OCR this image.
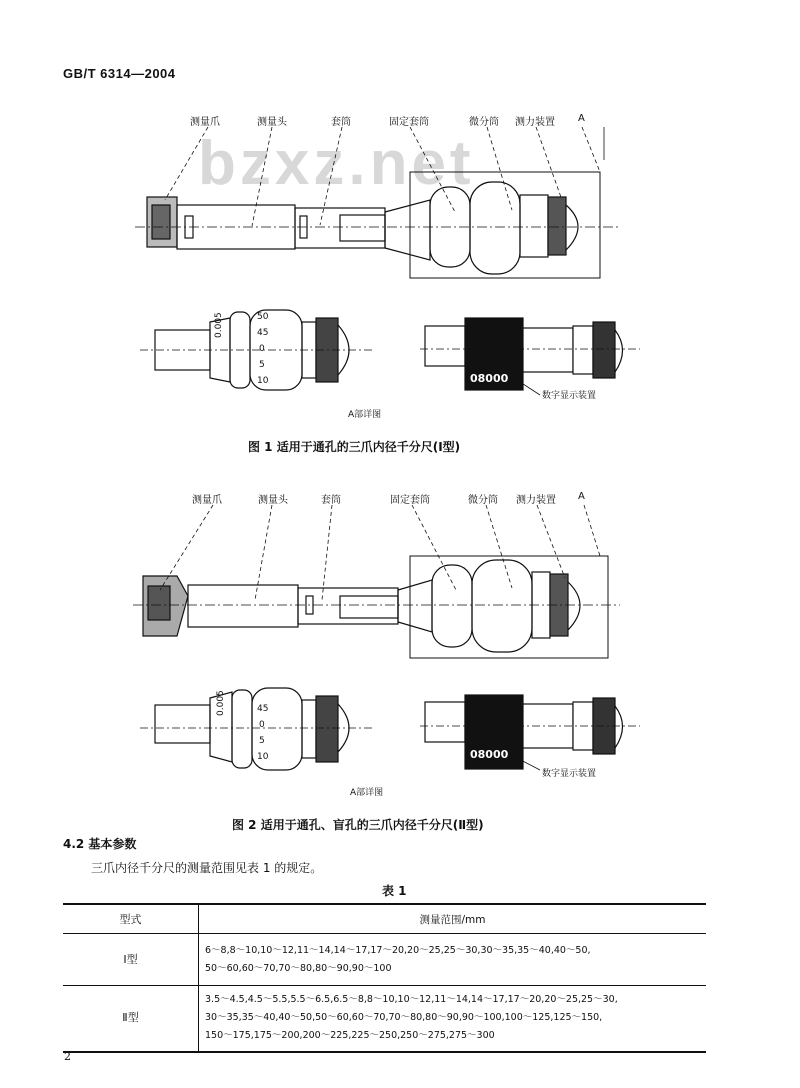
GB/T 6314—2004
bzxz.net
测量爪	测量头	套筒	固定套筒	微分筒 测力装置 A
0.005	50
45
0
5
10	08000
数字显示装置
A部详图
图 1 适用于通孔的三爪内径千分尺(Ⅰ型)
测量爪	测量头	套筒	固定套筒	微分筒 测力装置 A
0.005	45
0
5
10	08000
数字显示装置
A部详图
图 2 适用于通孔、盲孔的三爪内径千分尺(Ⅱ型)
4.2 基本参数
三爪内径千分尺的测量范围见表 1 的规定。
表 1
型式	测量范围/mm
Ⅰ型	6～8,8～10,10～12,11～14,14～17,17～20,20～25,25～30,30～35,35～40,40～50,
50～60,60～70,70～80,80～90,90～100

Ⅱ型	3.5～4.5,4.5～5.5,5.5～6.5,6.5～8,8～10,10～12,11～14,14～17,17～20,20～25,25～30,
30～35,35～40,40～50,50～60,60～70,70～80,80～90,90～100,100～125,125～150,
150～175,175～200,200～225,225～250,250～275,275～300
2
